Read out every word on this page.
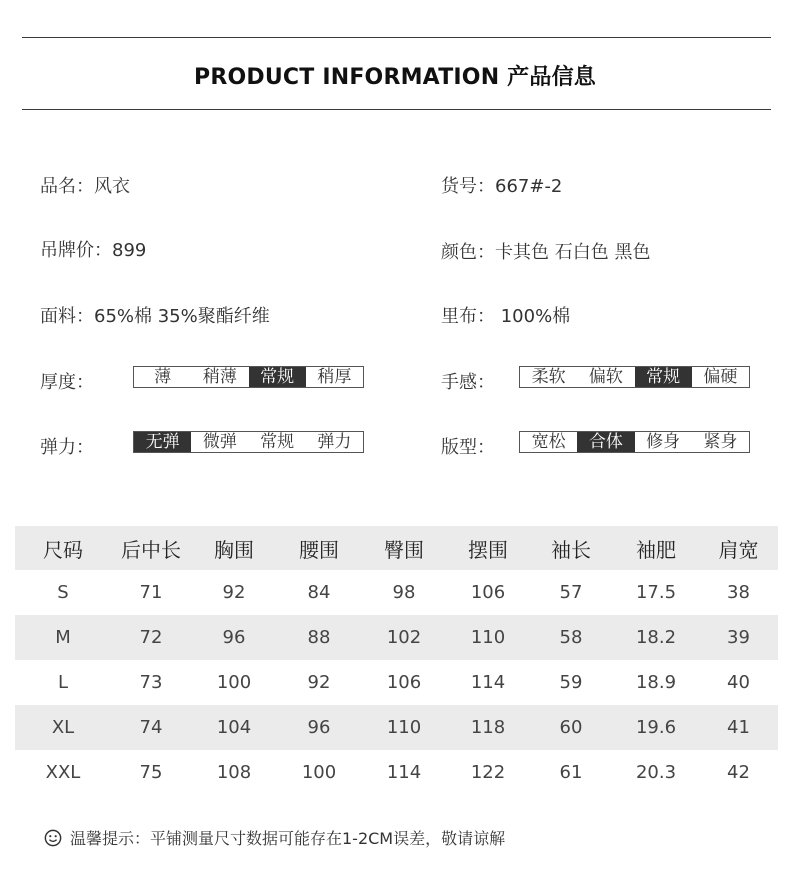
PRODUCT INFORMATION 产品信息
品名：风衣	货号：667#-2
吊牌价：899	颜色：卡其色 石白色 黑色
面料：65%棉 35%聚酯纤维	里布： 100%棉
厚度：	薄	稍薄	常规	稍厚	手感：	柔软	偏软	常规	偏硬
弹力：	无弹	微弹	常规	弹力	版型：	宽松	合体	修身	紧身
尺码	后中长	胸围	腰围	臀围	摆围	袖长	袖肥	肩宽
S	71	92	84	98	106	57	17.5	38
M	72	96	88	102	110	58	18.2	39
L	73	100	92	106	114	59	18.9	40
XL	74	104	96	110	118	60	19.6	41
XXL	75	108	100	114	122	61	20.3	42
温馨提示：平铺测量尺寸数据可能存在1-2CM误差，敬请谅解
